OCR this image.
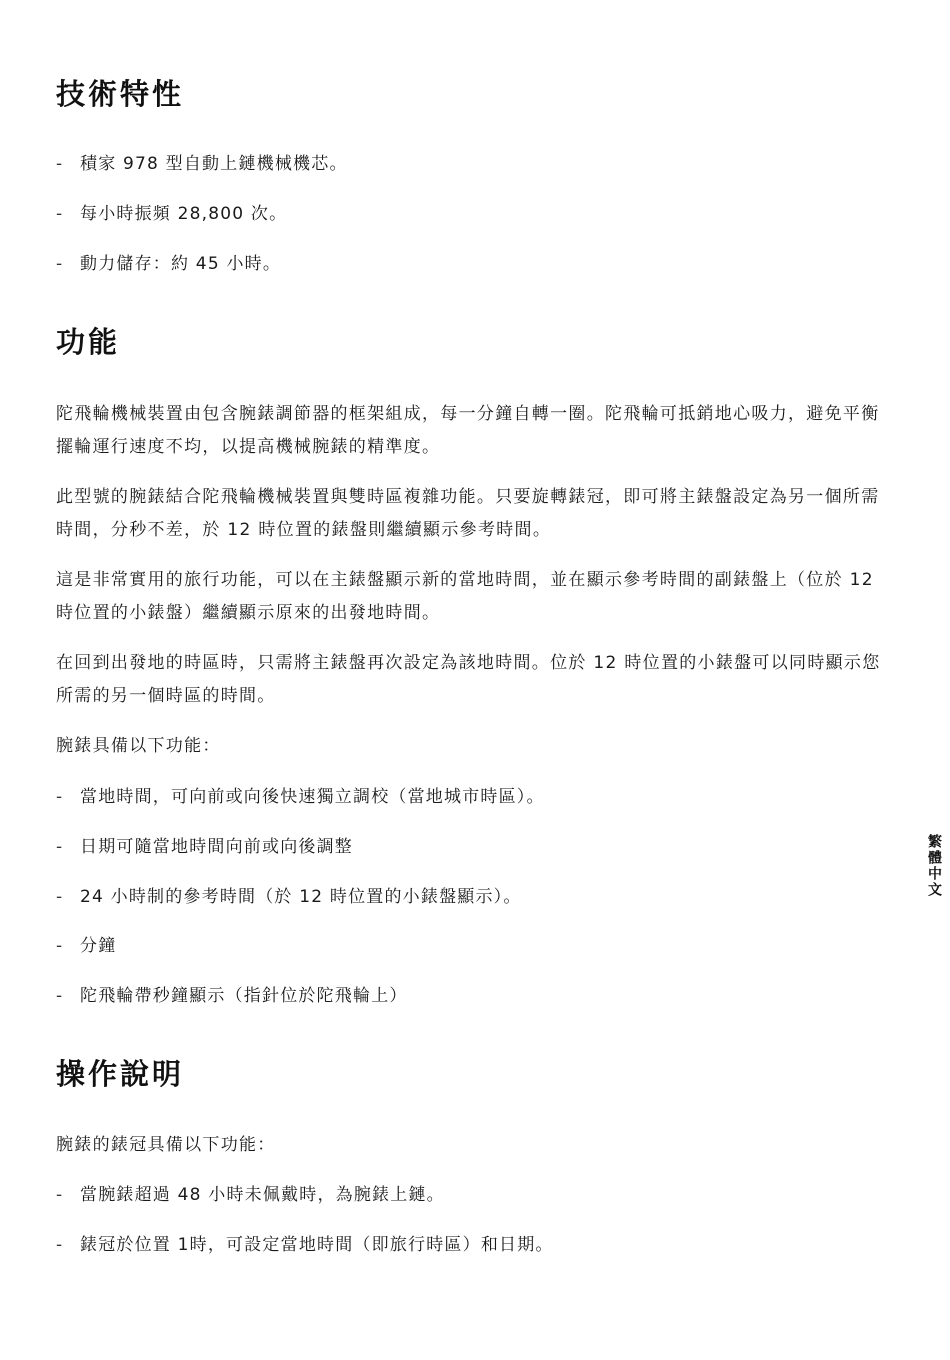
技術特性
- 積家 978 型自動上鏈機械機芯。
- 每小時振頻 28,800 次。
- 動力儲存：約 45 小時。
功能

陀飛輪機械裝置由包含腕錶調節器的框架組成，每一分鐘自轉一圈。陀飛輪可抵銷地心吸力，避免平衡擺輪運行速度不均，以提高機械腕錶的精準度。

此型號的腕錶結合陀飛輪機械裝置與雙時區複雜功能。只要旋轉錶冠，即可將主錶盤設定為另一個所需時間，分秒不差，於 12 時位置的錶盤則繼續顯示參考時間。

這是非常實用的旅行功能，可以在主錶盤顯示新的當地時間，並在顯示參考時間的副錶盤上（位於 12 時位置的小錶盤）繼續顯示原來的出發地時間。

在回到出發地的時區時，只需將主錶盤再次設定為該地時間。位於 12 時位置的小錶盤可以同時顯示您所需的另一個時區的時間。

腕錶具備以下功能：

- 當地時間，可向前或向後快速獨立調校（當地城市時區）。
- 日期可隨當地時間向前或向後調整
- 24 小時制的參考時間（於 12 時位置的小錶盤顯示）。
- 分鐘
- 陀飛輪帶秒鐘顯示（指針位於陀飛輪上）
操作說明

腕錶的錶冠具備以下功能：

- 當腕錶超過 48 小時未佩戴時，為腕錶上鏈。
- 錶冠於位置 1時，可設定當地時間（即旅行時區）和日期。
繁體中文
